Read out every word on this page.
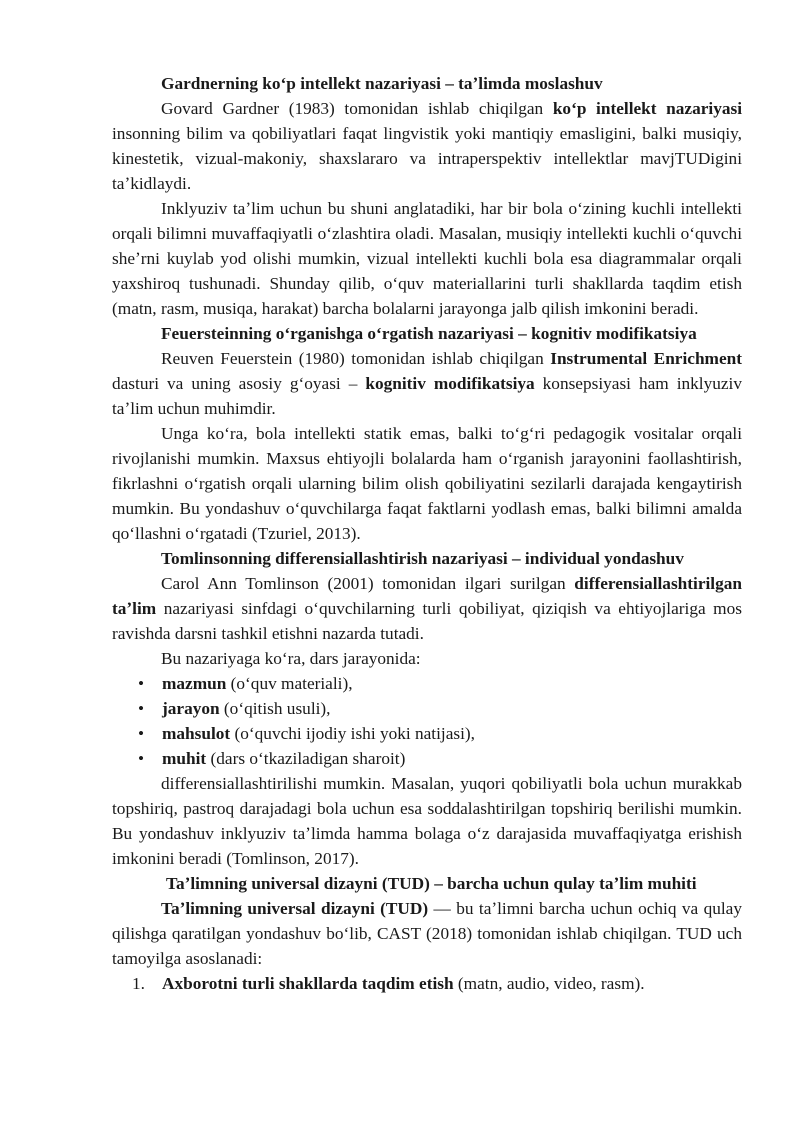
Gardnerning koʻp intellekt nazariyasi – taʼlimda moslashuv

Govard Gardner (1983) tomonidan ishlab chiqilgan koʻp intellekt nazariyasi insonning bilim va qobiliyatlari faqat lingvistik yoki mantiqiy emasligini, balki musiqiy, kinestetik, vizual-makoniy, shaxslararo va intraperspektiv intellektlar mavjTUDigini taʼkidlaydi.

Inklyuziv taʼlim uchun bu shuni anglatadiki, har bir bola oʻzining kuchli intellekti orqali bilimni muvaffaqiyatli oʻzlashtira oladi. Masalan, musiqiy intellekti kuchli oʻquvchi sheʼrni kuylab yod olishi mumkin, vizual intellekti kuchli bola esa diagrammalar orqali yaxshiroq tushunadi. Shunday qilib, oʻquv materiallarini turli shakllarda taqdim etish (matn, rasm, musiqa, harakat) barcha bolalarni jarayonga jalb qilish imkonini beradi.

Feuersteinning oʻrganishga oʻrgatish nazariyasi – kognitiv modifikatsiya

Reuven Feuerstein (1980) tomonidan ishlab chiqilgan Instrumental Enrichment dasturi va uning asosiy gʻoyasi – kognitiv modifikatsiya konsepsiyasi ham inklyuziv taʼlim uchun muhimdir.

Unga koʻra, bola intellekti statik emas, balki toʻgʻri pedagogik vositalar orqali rivojlanishi mumkin. Maxsus ehtiyojli bolalarda ham oʻrganish jarayonini faollashtirish, fikrlashni oʻrgatish orqali ularning bilim olish qobiliyatini sezilarli darajada kengaytirish mumkin. Bu yondashuv oʻquvchilarga faqat faktlarni yodlash emas, balki bilimni amalda qoʻllashni oʻrgatadi (Tzuriel, 2013).

Tomlinsonning differensiallashtirish nazariyasi – individual yondashuv

Carol Ann Tomlinson (2001) tomonidan ilgari surilgan differensiallashtirilgan taʼlim nazariyasi sinfdagi oʻquvchilarning turli qobiliyat, qiziqish va ehtiyojlariga mos ravishda darsni tashkil etishni nazarda tutadi.

Bu nazariyaga koʻra, dars jarayonida:

• mazmun (oʻquv materiali),
• jarayon (oʻqitish usuli),
• mahsulot (oʻquvchi ijodiy ishi yoki natijasi),
• muhit (dars oʻtkaziladigan sharoit)

differensiallashtirilishi mumkin. Masalan, yuqori qobiliyatli bola uchun murakkab topshiriq, pastroq darajadagi bola uchun esa soddalashtirilgan topshiriq berilishi mumkin. Bu yondashuv inklyuziv taʼlimda hamma bolaga oʻz darajasida muvaffaqiyatga erishish imkonini beradi (Tomlinson, 2017).

Taʼlimning universal dizayni (TUD) – barcha uchun qulay taʼlim muhiti

Taʼlimning universal dizayni (TUD) — bu taʼlimni barcha uchun ochiq va qulay qilishga qaratilgan yondashuv boʻlib, CAST (2018) tomonidan ishlab chiqilgan. TUD uch tamoyilga asoslanadi:

1. Axborotni turli shakllarda taqdim etish (matn, audio, video, rasm).
